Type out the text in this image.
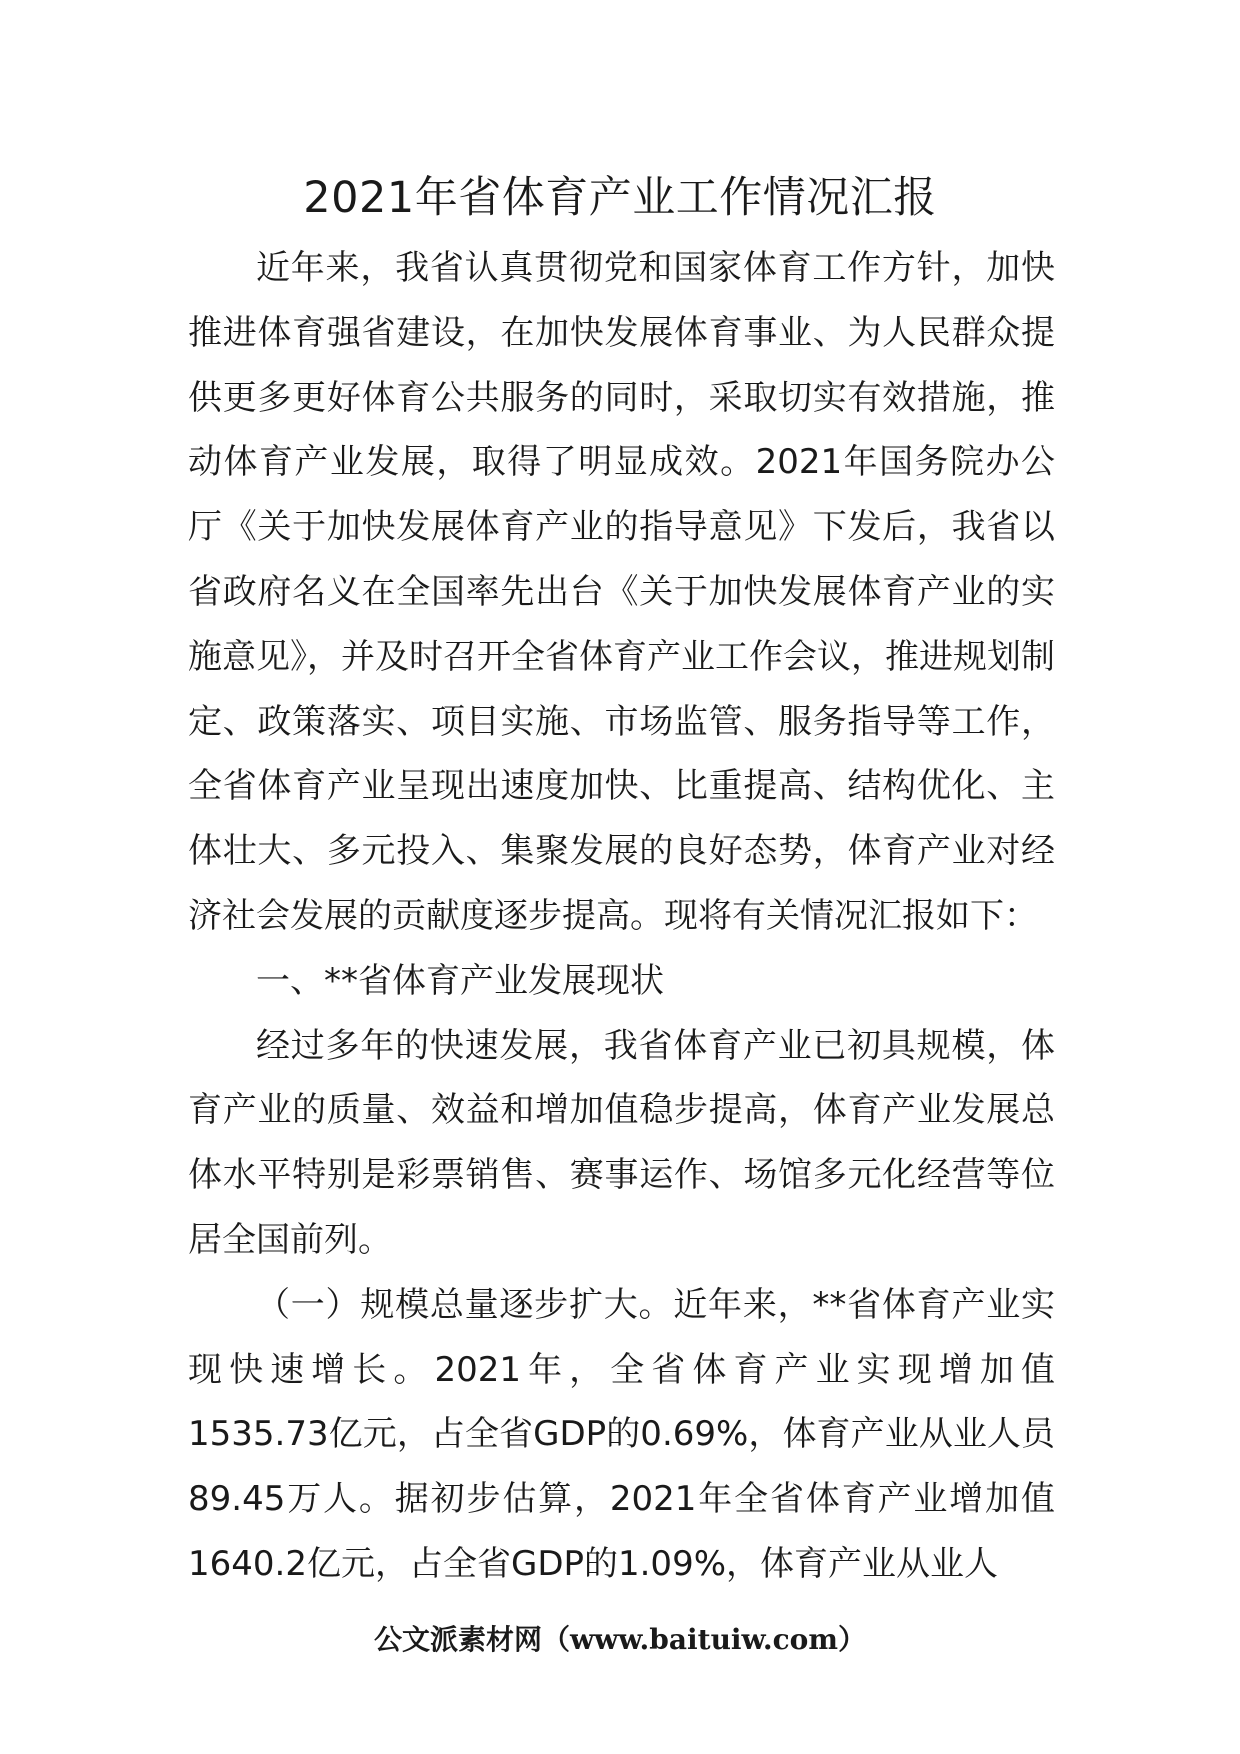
2021年省体育产业工作情况汇报

近年来，我省认真贯彻党和国家体育工作方针，加快推进体育强省建设，在加快发展体育事业、为人民群众提供更多更好体育公共服务的同时，采取切实有效措施，推动体育产业发展，取得了明显成效。2021年国务院办公厅《关于加快发展体育产业的指导意见》下发后，我省以省政府名义在全国率先出台《关于加快发展体育产业的实施意见》，并及时召开全省体育产业工作会议，推进规划制定、政策落实、项目实施、市场监管、服务指导等工作，全省体育产业呈现出速度加快、比重提高、结构优化、主体壮大、多元投入、集聚发展的良好态势，体育产业对经济社会发展的贡献度逐步提高。现将有关情况汇报如下：

一、**省体育产业发展现状

经过多年的快速发展，我省体育产业已初具规模，体育产业的质量、效益和增加值稳步提高，体育产业发展总体水平特别是彩票销售、赛事运作、场馆多元化经营等位居全国前列。

（一）规模总量逐步扩大。近年来，**省体育产业实现快速增长。2021年，全省体育产业实现增加值1535.73亿元，占全省GDP的0.69%，体育产业从业人员89.45万人。据初步估算，2021年全省体育产业增加值1640.2亿元，占全省GDP的1.09%，体育产业从业人

公文派素材网（www.baituiw.com）
